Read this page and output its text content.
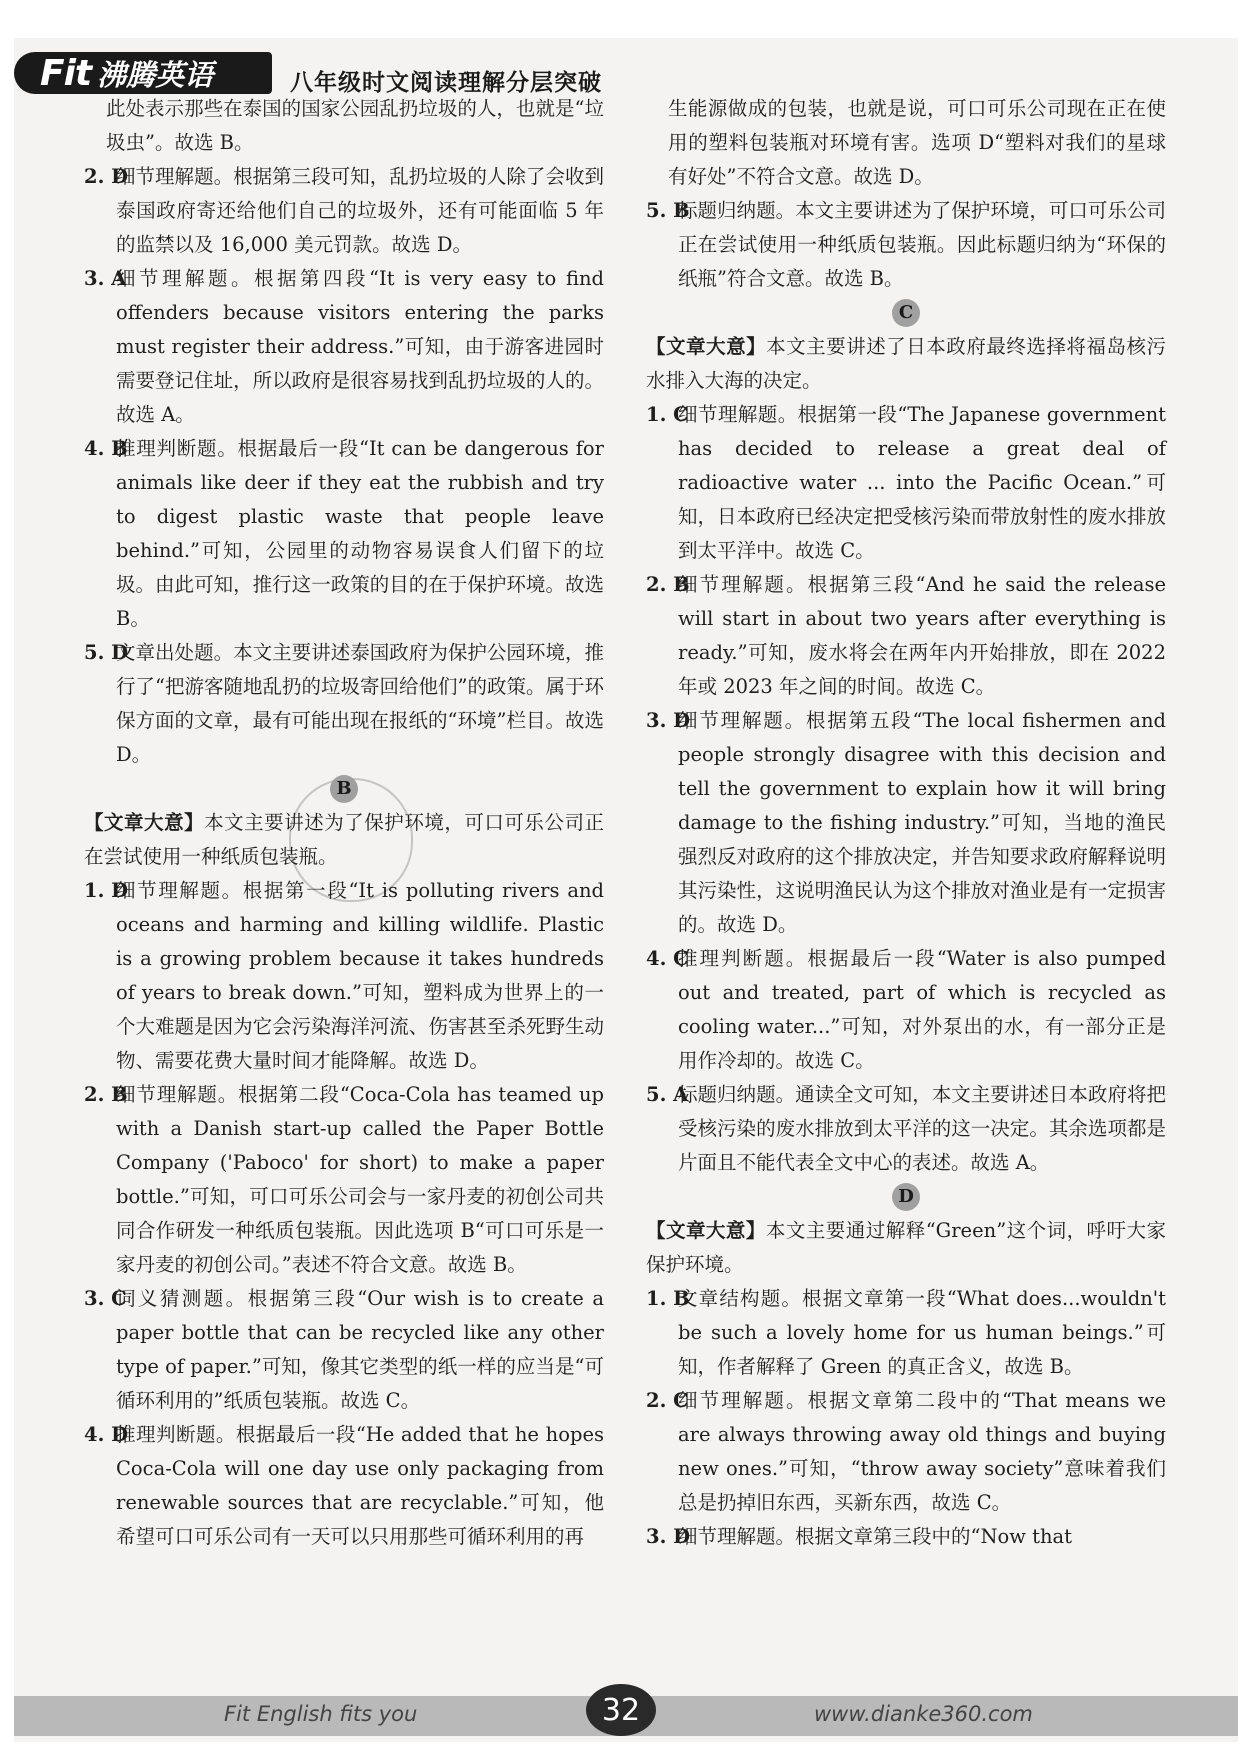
Fit 沸腾英语	八年级时文阅读理解分层突破
Fit English fits you	32	www.dianke360.com

此处表示那些在泰国的国家公园乱扔垃圾的人，也就是“垃圾虫”。故选 B。

2. D
细节理解题。根据第三段可知，乱扔垃圾的人除了会收到泰国政府寄还给他们自己的垃圾外，还有可能面临 5 年的监禁以及 16,000 美元罚款。故选 D。

3. A
细节理解题。根据第四段“It is very easy to find offenders because visitors entering the parks must register their address.”可知，由于游客进园时需要登记住址，所以政府是很容易找到乱扔垃圾的人的。故选 A。

4. B
推理判断题。根据最后一段“It can be dangerous for animals like deer if they eat the rubbish and try to digest plastic waste that people leave behind.”可知，公园里的动物容易误食人们留下的垃圾。由此可知，推行这一政策的目的在于保护环境。故选 B。

5. D
文章出处题。本文主要讲述泰国政府为保护公园环境，推行了“把游客随地乱扔的垃圾寄回给他们”的政策。属于环保方面的文章，最有可能出现在报纸的“环境”栏目。故选 D。

B

【文章大意】本文主要讲述为了保护环境，可口可乐公司正在尝试使用一种纸质包装瓶。

1. D
细节理解题。根据第一段“It is polluting rivers and oceans and harming and killing wildlife. Plastic is a growing problem because it takes hundreds of years to break down.”可知，塑料成为世界上的一个大难题是因为它会污染海洋河流、伤害甚至杀死野生动物、需要花费大量时间才能降解。故选 D。

2. B
细节理解题。根据第二段“Coca-Cola has teamed up with a Danish start-up called the Paper Bottle Company ('Paboco' for short) to make a paper bottle.”可知，可口可乐公司会与一家丹麦的初创公司共同合作研发一种纸质包装瓶。因此选项 B“可口可乐是一家丹麦的初创公司。”表述不符合文意。故选 B。

3. C
词义猜测题。根据第三段“Our wish is to create a paper bottle that can be recycled like any other type of paper.”可知，像其它类型的纸一样的应当是“可循环利用的”纸质包装瓶。故选 C。

4. D
推理判断题。根据最后一段“He added that he hopes Coca-Cola will one day use only packaging from renewable sources that are recyclable.”可知，他希望可口可乐公司有一天可以只用那些可循环利用的再

生能源做成的包装，也就是说，可口可乐公司现在正在使用的塑料包装瓶对环境有害。选项 D“塑料对我们的星球有好处”不符合文意。故选 D。

5. B
标题归纳题。本文主要讲述为了保护环境，可口可乐公司正在尝试使用一种纸质包装瓶。因此标题归纳为“环保的纸瓶”符合文意。故选 B。

C

【文章大意】本文主要讲述了日本政府最终选择将福岛核污水排入大海的决定。

1. C
细节理解题。根据第一段“The Japanese government has decided to release a great deal of radioactive water ... into the Pacific Ocean.”可知，日本政府已经决定把受核污染而带放射性的废水排放到太平洋中。故选 C。

2. B
细节理解题。根据第三段“And he said the release will start in about two years after everything is ready.”可知，废水将会在两年内开始排放，即在 2022 年或 2023 年之间的时间。故选 C。

3. D
细节理解题。根据第五段“The local fishermen and people strongly disagree with this decision and tell the government to explain how it will bring damage to the fishing industry.”可知，当地的渔民强烈反对政府的这个排放决定，并告知要求政府解释说明其污染性，这说明渔民认为这个排放对渔业是有一定损害的。故选 D。

4. C
推理判断题。根据最后一段“Water is also pumped out and treated, part of which is recycled as cooling water...”可知，对外泵出的水，有一部分正是用作冷却的。故选 C。

5. A
标题归纳题。通读全文可知，本文主要讲述日本政府将把受核污染的废水排放到太平洋的这一决定。其余选项都是片面且不能代表全文中心的表述。故选 A。

D

【文章大意】本文主要通过解释“Green”这个词，呼吁大家保护环境。

1. B
文章结构题。根据文章第一段“What does...wouldn't be such a lovely home for us human beings.”可知，作者解释了 Green 的真正含义，故选 B。

2. C
细节理解题。根据文章第二段中的“That means we are always throwing away old things and buying new ones.”可知，“throw away society”意味着我们总是扔掉旧东西，买新东西，故选 C。

3. D
细节理解题。根据文章第三段中的“Now that
